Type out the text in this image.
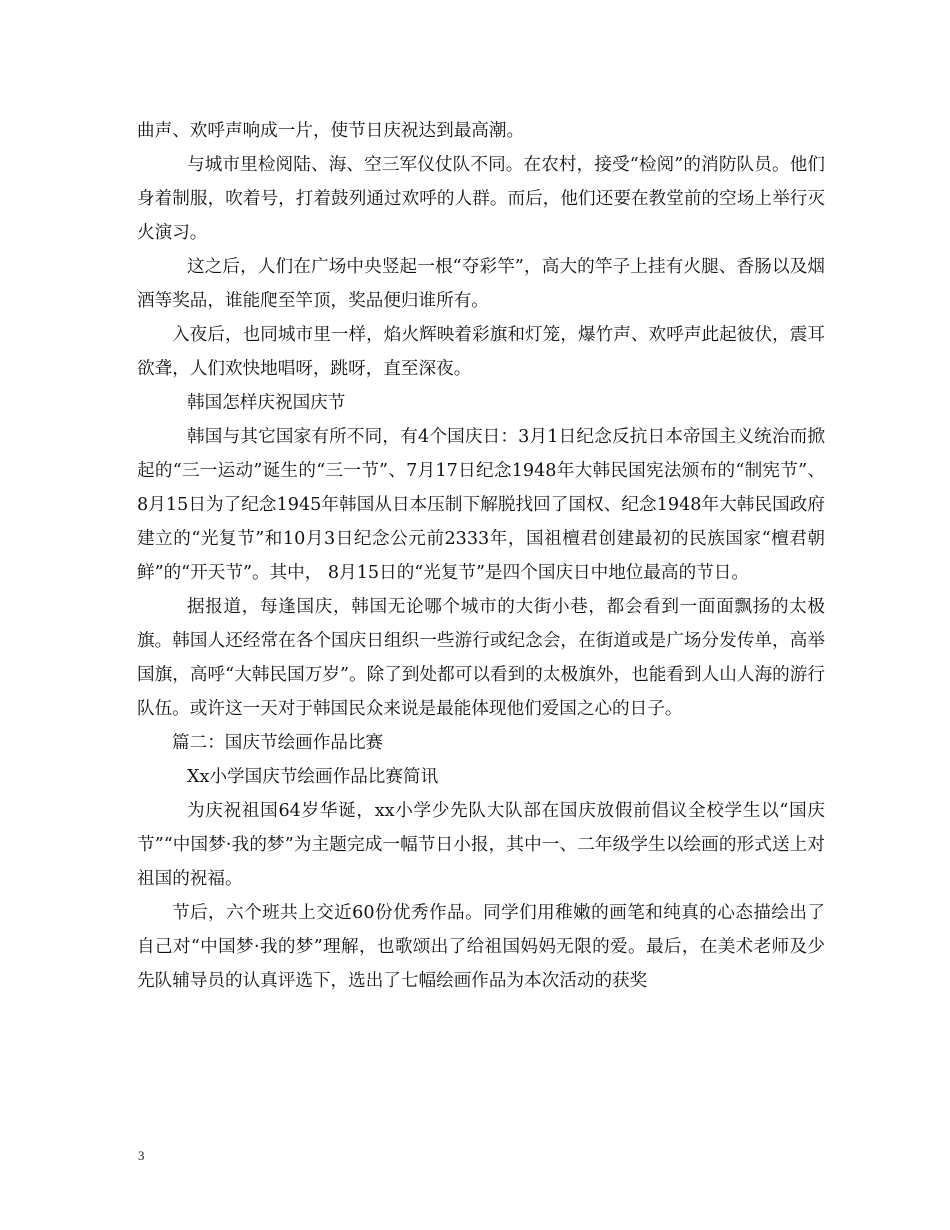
曲声、欢呼声响成一片，使节日庆祝达到最高潮。

与城市里检阅陆、海、空三军仪仗队不同。在农村，接受“检阅”的消防队员。他们身着制服，吹着号，打着鼓列通过欢呼的人群。而后，他们还要在教堂前的空场上举行灭火演习。

这之后，人们在广场中央竖起一根“夺彩竿”，高大的竿子上挂有火腿、香肠以及烟酒等奖品，谁能爬至竿顶，奖品便归谁所有。

入夜后，也同城市里一样，焰火辉映着彩旗和灯笼，爆竹声、欢呼声此起彼伏，震耳欲聋，人们欢快地唱呀，跳呀，直至深夜。

韩国怎样庆祝国庆节

韩国与其它国家有所不同，有4个国庆日：3月1日纪念反抗日本帝国主义统治而掀起的“三一运动”诞生的“三一节”、7月17日纪念1948年大韩民国宪法颁布的“制宪节”、8月15日为了纪念1945年韩国从日本压制下解脱找回了国权、纪念1948年大韩民国政府建立的“光复节”和10月3日纪念公元前2333年，国祖檀君创建最初的民族国家“檀君朝鲜”的“开天节”。其中， 8月15日的“光复节”是四个国庆日中地位最高的节日。

据报道，每逢国庆，韩国无论哪个城市的大街小巷，都会看到一面面飘扬的太极旗。韩国人还经常在各个国庆日组织一些游行或纪念会，在街道或是广场分发传单，高举国旗，高呼“大韩民国万岁”。除了到处都可以看到的太极旗外，也能看到人山人海的游行队伍。或许这一天对于韩国民众来说是最能体现他们爱国之心的日子。

篇二：国庆节绘画作品比赛

Xx小学国庆节绘画作品比赛简讯

为庆祝祖国64岁华诞，xx小学少先队大队部在国庆放假前倡议全校学生以“国庆节”“中国梦·我的梦”为主题完成一幅节日小报，其中一、二年级学生以绘画的形式送上对祖国的祝福。

节后，六个班共上交近60份优秀作品。同学们用稚嫩的画笔和纯真的心态描绘出了自己对“中国梦·我的梦”理解，也歌颂出了给祖国妈妈无限的爱。最后，在美术老师及少先队辅导员的认真评选下，选出了七幅绘画作品为本次活动的获奖

3
